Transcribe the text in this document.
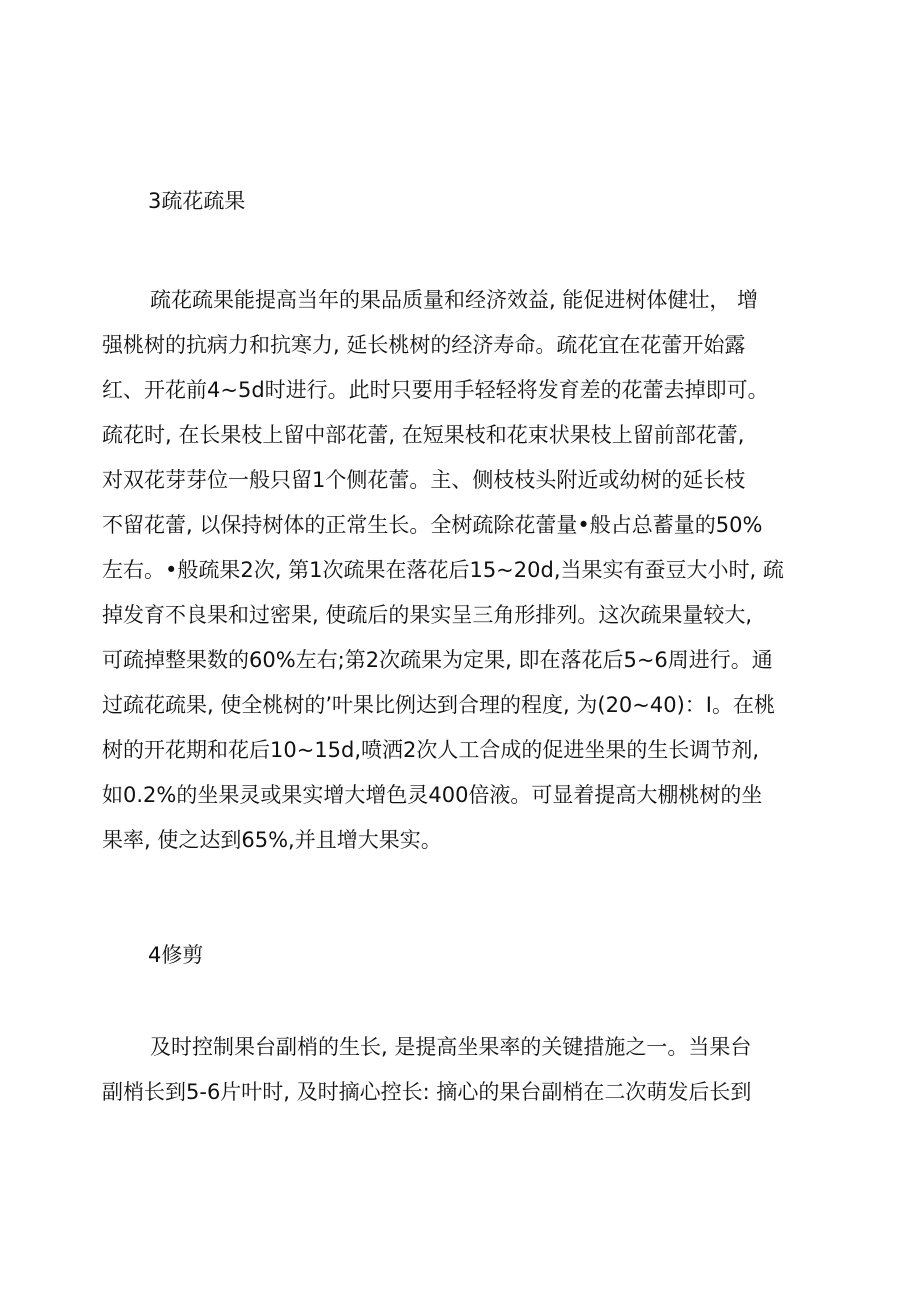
3疏花疏果
疏花疏果能提高当年的果品质量和经济效益, 能促进树体健壮， 增
强桃树的抗病力和抗寒力, 延长桃树的经济寿命。疏花宜在花蕾开始露
红、开花前4~5d时进行。此时只要用手轻轻将发育差的花蕾去掉即可。
疏花时, 在长果枝上留中部花蕾, 在短果枝和花束状果枝上留前部花蕾,
对双花芽芽位一般只留1个侧花蕾。主、侧枝枝头附近或幼树的延长枝
不留花蕾, 以保持树体的正常生长。全树疏除花蕾量•般占总蓄量的50%
左右。•般疏果2次, 第1次疏果在落花后15~20d,当果实有蚕豆大小时, 疏
掉发育不良果和过密果, 使疏后的果实呈三角形排列。这次疏果量较大,
可疏掉整果数的60%左右;第2次疏果为定果, 即在落花后5~6周进行。通
过疏花疏果, 使全桃树的’叶果比例达到合理的程度, 为(20~40)：I。在桃
树的开花期和花后10~15d,喷洒2次人工合成的促进坐果的生长调节剂,
如0.2%的坐果灵或果实增大增色灵400倍液。可显着提高大棚桃树的坐
果率, 使之达到65%,并且增大果实。
4修剪
及时控制果台副梢的生长, 是提高坐果率的关键措施之一。当果台
副梢长到5-6片叶时, 及时摘心控长: 摘心的果台副梢在二次萌发后长到
